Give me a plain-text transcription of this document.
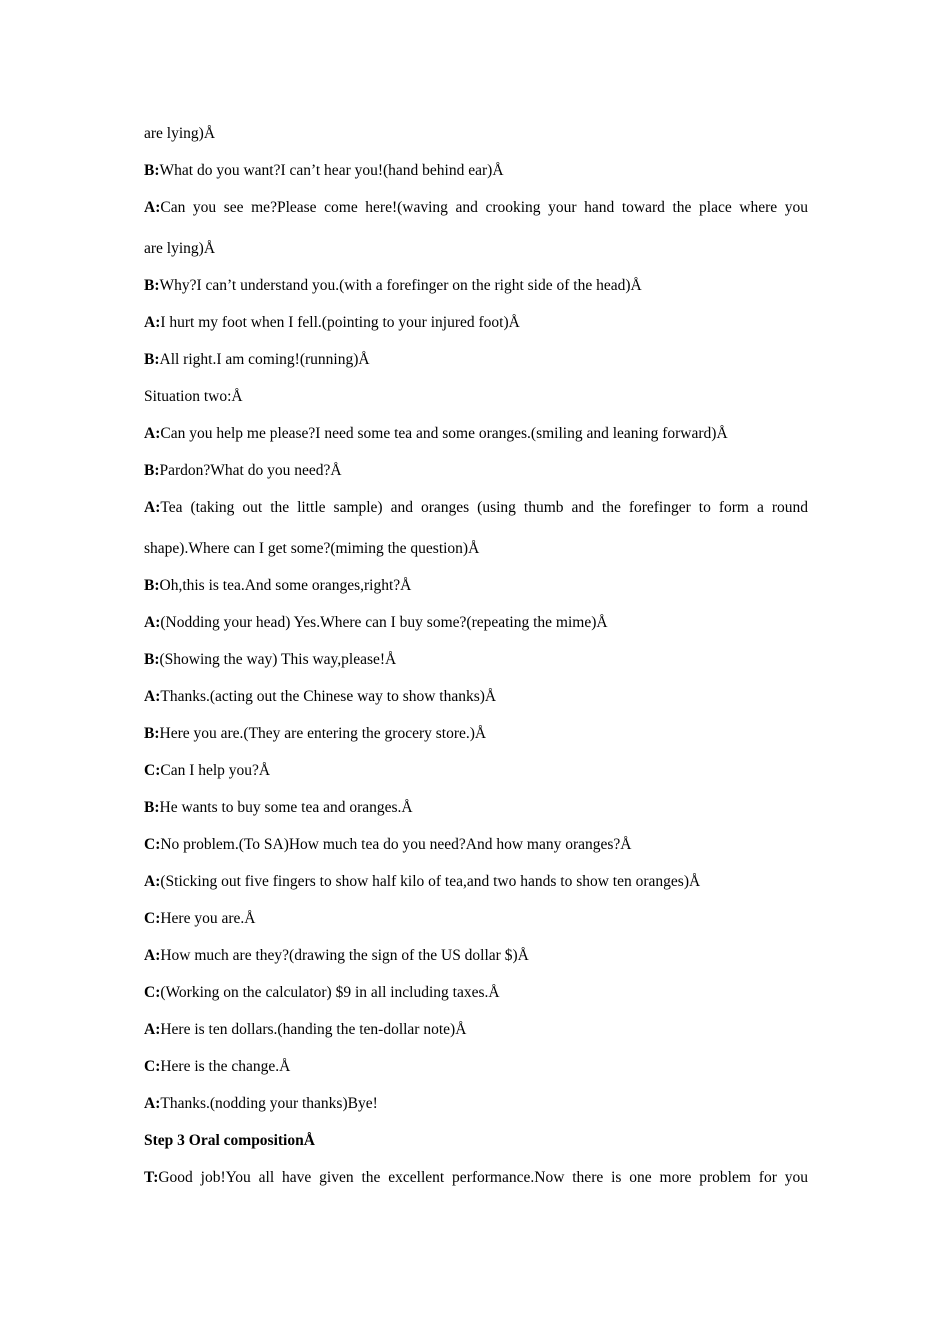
are lying)Å
B:What do you want?I can’t hear you!(hand behind ear)Å
A:Can you see me?Please come here!(waving and crooking your hand toward the place where you
are lying)Å
B:Why?I can’t understand you.(with a forefinger on the right side of the head)Å
A:I hurt my foot when I fell.(pointing to your injured foot)Å
B:All right.I am coming!(running)Å
Situation two:Å
A:Can you help me please?I need some tea and some oranges.(smiling and leaning forward)Å
B:Pardon?What do you need?Å
A:Tea (taking out the little sample) and oranges (using thumb and the forefinger to form a round
shape).Where can I get some?(miming the question)Å
B:Oh,this is tea.And some oranges,right?Å
A:(Nodding your head) Yes.Where can I buy some?(repeating the mime)Å
B:(Showing the way) This way,please!Å
A:Thanks.(acting out the Chinese way to show thanks)Å
B:Here you are.(They are entering the grocery store.)Å
C:Can I help you?Å
B:He wants to buy some tea and oranges.Å
C:No problem.(To SA)How much tea do you need?And how many oranges?Å
A:(Sticking out five fingers to show half kilo of tea,and two hands to show ten oranges)Å
C:Here you are.Å
A:How much are they?(drawing the sign of the US dollar $)Å
C:(Working on the calculator) $9 in all including taxes.Å
A:Here is ten dollars.(handing the ten-dollar note)Å
C:Here is the change.Å
A:Thanks.(nodding your thanks)Bye!
Step 3 Oral compositionÅ
T:Good job!You all have given the excellent performance.Now there is one more problem for you
